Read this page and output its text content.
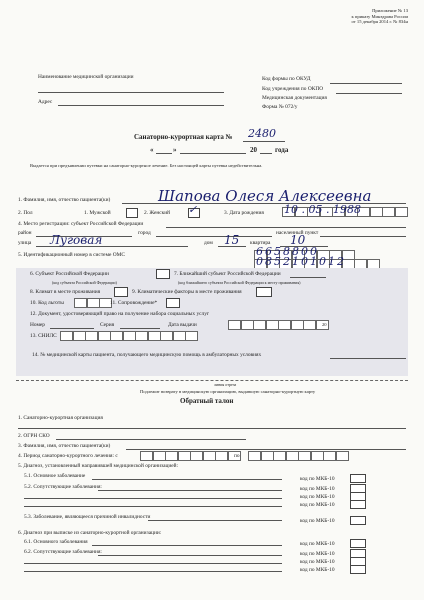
Приложение № 13
к приказу Минздрава России
от 15 декабря 2014 г. № 834н
Наименование медицинской организации
Адрес
Код формы по ОКУД
Код учреждения по ОКПО
Медицинская документация
Форма № 072/у
Санаторно-курортная карта № 2480
«	»	20	года
Выдается при предъявлении путевки на санаторно-курортное лечение. Без настоящей карты путевка недействительна.
1. Фамилия, имя, отчество пациента(ки)	Шапова Олеся Алексеевна
2. Пол	1. Мужской	2. Женский ✓	3. Дата рождения 10 . 05 . 1988
4. Место регистрации: субъект Российской Федерации
район	город	населенный пункт
улица Луговая	дом 15 квартира 10
5. Идентификационный номер в системе ОМС	6658800
0852101012
6. Субъект Российской Федерации
(код субъекта Российской Федерации)
7. Ближайший субъект Российской Федерации
(код ближайшего субъекта Российской Федерации к месту проживания)
8. Климат в месте проживания	9. Климатические факторы в месте проживания
10. Код льготы	11. Сопровождение*
12. Документ, удостоверяющий право на получение набора социальных услуг
Номер	Серия	Дата выдачи	20
13. СНИЛС
14. № медицинской карты пациента, получающего медицинскую помощь в амбулаторных условиях
линия отреза
Подлежит возврату в медицинскую организацию, выдавшую санаторно-курортную карту
Обратный талон
1. Санаторно-курортная организация
2. ОГРН СКО
3. Фамилия, имя, отчество пациента(ки)
4. Период санаторно-курортного лечения: с	по
5. Диагноз, установленный направившей медицинской организацией:
5.1. Основное заболевание	код по МКБ-10
5.2. Сопутствующие заболевания:	код по МКБ-10
код по МКБ-10
код по МКБ-10
5.3. Заболевание, являющееся причиной инвалидности
код по МКБ-10
6. Диагноз при выписке из санаторно-курортной организации:
6.1. Основного заболевания	код по МКБ-10
6.2. Сопутствующие заболевания:	код по МКБ-10
код по МКБ-10
код по МКБ-10
